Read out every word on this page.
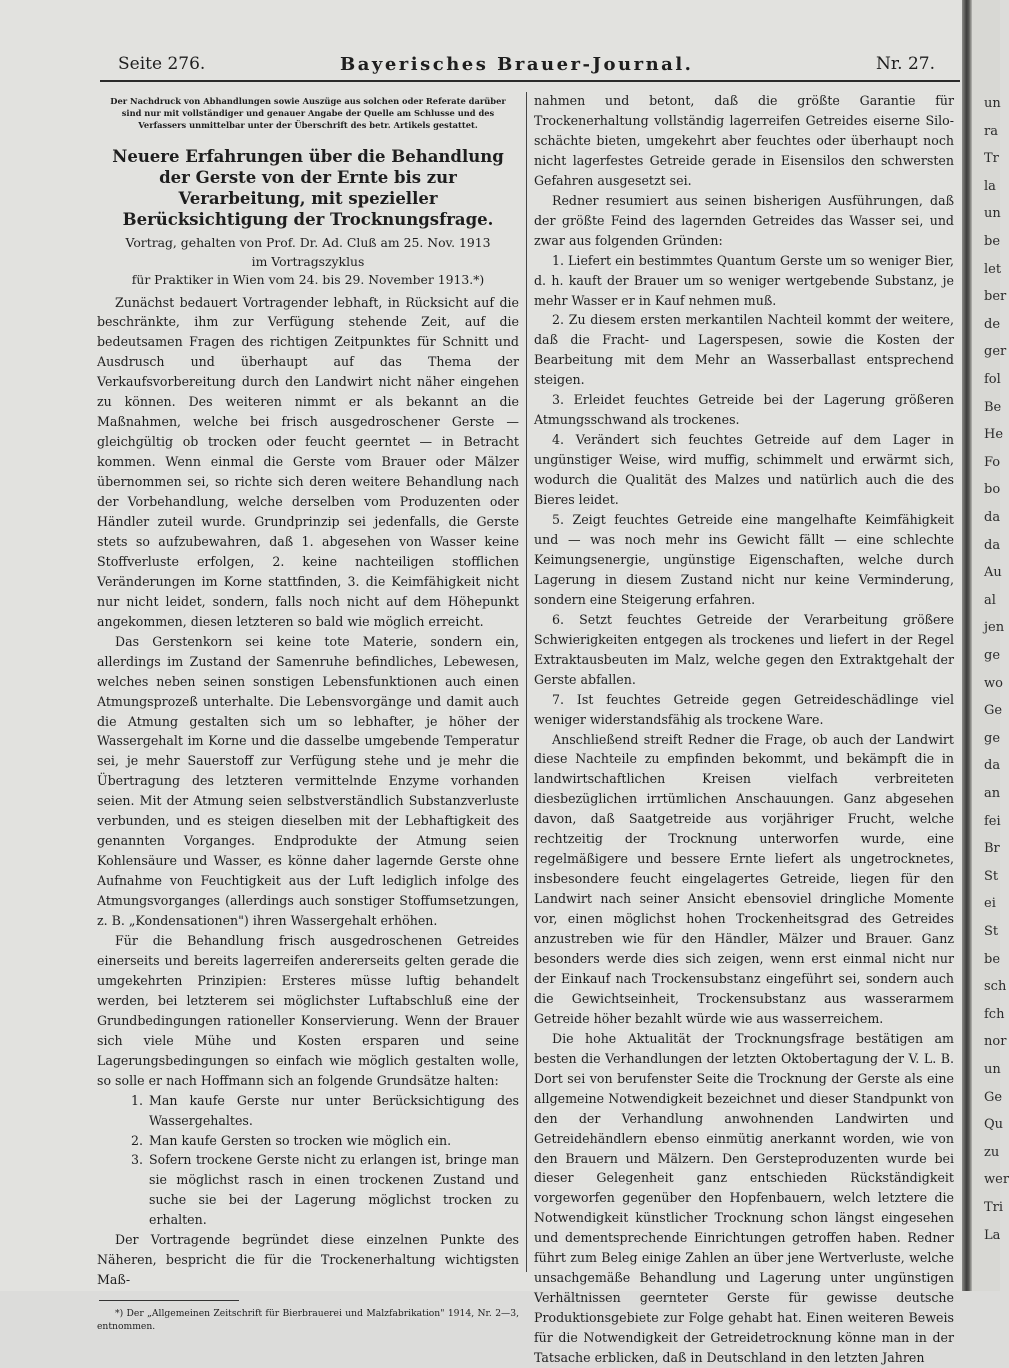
Seite 276.	Bayerisches Brauer-Journal.	Nr. 27.
Der Nachdruck von Abhandlungen sowie Auszüge aus solchen oder Referate darüber sind nur mit vollständiger und genauer Angabe der Quelle am Schlusse und des Verfassers unmittelbar unter der Überschrift des betr. Artikels gestattet.
Neuere Erfahrungen über die Behandlung der Gerste von der Ernte bis zur Verarbeitung, mit spezieller Berücksichtigung der Trocknungsfrage.
Vortrag, gehalten von Prof. Dr. Ad. Cluß am 25. Nov. 1913
im Vortragszyklus
für Praktiker in Wien vom 24. bis 29. November 1913.*)

Zunächst bedauert Vortragender lebhaft, in Rücksicht auf die beschränkte, ihm zur Verfügung stehende Zeit, auf die bedeutsamen Fragen des richtigen Zeitpunktes für Schnitt und Ausdrusch und überhaupt auf das Thema der Verkaufsvorbereitung durch den Landwirt nicht näher eingehen zu können. Des weiteren nimmt er als bekannt an die Maßnahmen, welche bei frisch ausgedroschener Gerste — gleichgültig ob trocken oder feucht geerntet — in Betracht kommen. Wenn einmal die Gerste vom Brauer oder Mälzer übernommen sei, so richte sich deren weitere Behandlung nach der Vorbehandlung, welche derselben vom Produzenten oder Händler zuteil wurde. Grundprinzip sei jedenfalls, die Gerste stets so aufzubewahren, daß 1. abgesehen von Wasser keine Stoffverluste erfolgen, 2. keine nachteiligen stofflichen Veränderungen im Korne stattfinden, 3. die Keimfähigkeit nicht nur nicht leidet, sondern, falls noch nicht auf dem Höhepunkt angekommen, diesen letzteren so bald wie möglich erreicht.

Das Gerstenkorn sei keine tote Materie, sondern ein, allerdings im Zustand der Samenruhe befindliches, Lebewesen, welches neben seinen sonstigen Lebensfunktionen auch einen Atmungsprozeß unterhalte. Die Lebensvorgänge und damit auch die Atmung gestalten sich um so lebhafter, je höher der Wassergehalt im Korne und die dasselbe umgebende Temperatur sei, je mehr Sauerstoff zur Verfügung stehe und je mehr die Übertragung des letzteren vermittelnde Enzyme vorhanden seien. Mit der Atmung seien selbstverständlich Substanzverluste verbunden, und es steigen dieselben mit der Lebhaftigkeit des genannten Vorganges. Endprodukte der Atmung seien Kohlensäure und Wasser, es könne daher lagernde Gerste ohne Aufnahme von Feuchtigkeit aus der Luft lediglich infolge des Atmungsvorganges (allerdings auch sonstiger Stoffumsetzungen, z. B. „Kondensationen") ihren Wassergehalt erhöhen.

Für die Behandlung frisch ausgedroschenen Getreides einerseits und bereits lagerreifen andererseits gelten gerade die umgekehrten Prinzipien: Ersteres müsse luftig behandelt werden, bei letzterem sei möglichster Luftabschluß eine der Grundbedingungen rationeller Konservierung. Wenn der Brauer sich viele Mühe und Kosten ersparen und seine Lagerungsbedingungen so einfach wie möglich gestalten wolle, so solle er nach Hoffmann sich an folgende Grundsätze halten:

1. Man kaufe Gerste nur unter Berücksichtigung des Wassergehaltes.

2. Man kaufe Gersten so trocken wie möglich ein.

3. Sofern trockene Gerste nicht zu erlangen ist, bringe man sie möglichst rasch in einen trockenen Zustand und suche sie bei der Lagerung möglichst trocken zu erhalten.

Der Vortragende begründet diese einzelnen Punkte des Näheren, bespricht die für die Trockenerhaltung wichtigsten Maß-

*) Der „Allgemeinen Zeitschrift für Bierbrauerei und Malzfabrikation" 1914, Nr. 2—3, entnommen.

nahmen und betont, daß die größte Garantie für Trockenerhaltung vollständig lagerreifen Getreides eiserne Siloschächte bieten, umgekehrt aber feuchtes oder überhaupt noch nicht lagerfestes Getreide gerade in Eisensilos den schwersten Gefahren ausgesetzt sei.

Redner resumiert aus seinen bisherigen Ausführungen, daß der größte Feind des lagernden Getreides das Wasser sei, und zwar aus folgenden Gründen:

1. Liefert ein bestimmtes Quantum Gerste um so weniger Bier, d. h. kauft der Brauer um so weniger wertgebende Substanz, je mehr Wasser er in Kauf nehmen muß.

2. Zu diesem ersten merkantilen Nachteil kommt der weitere, daß die Fracht- und Lagerspesen, sowie die Kosten der Bearbeitung mit dem Mehr an Wasserballast entsprechend steigen.

3. Erleidet feuchtes Getreide bei der Lagerung größeren Atmungsschwand als trockenes.

4. Verändert sich feuchtes Getreide auf dem Lager in ungünstiger Weise, wird muffig, schimmelt und erwärmt sich, wodurch die Qualität des Malzes und natürlich auch die des Bieres leidet.

5. Zeigt feuchtes Getreide eine mangelhafte Keimfähigkeit und — was noch mehr ins Gewicht fällt — eine schlechte Keimungsenergie, ungünstige Eigenschaften, welche durch Lagerung in diesem Zustand nicht nur keine Verminderung, sondern eine Steigerung erfahren.

6. Setzt feuchtes Getreide der Verarbeitung größere Schwierigkeiten entgegen als trockenes und liefert in der Regel Extraktausbeuten im Malz, welche gegen den Extraktgehalt der Gerste abfallen.

7. Ist feuchtes Getreide gegen Getreideschädlinge viel weniger widerstandsfähig als trockene Ware.

Anschließend streift Redner die Frage, ob auch der Landwirt diese Nachteile zu empfinden bekommt, und bekämpft die in landwirtschaftlichen Kreisen vielfach verbreiteten diesbezüglichen irrtümlichen Anschauungen. Ganz abgesehen davon, daß Saatgetreide aus vorjähriger Frucht, welche rechtzeitig der Trocknung unterworfen wurde, eine regelmäßigere und bessere Ernte liefert als ungetrocknetes, insbesondere feucht eingelagertes Getreide, liegen für den Landwirt nach seiner Ansicht ebensoviel dringliche Momente vor, einen möglichst hohen Trockenheitsgrad des Getreides anzustreben wie für den Händler, Mälzer und Brauer. Ganz besonders werde dies sich zeigen, wenn erst einmal nicht nur der Einkauf nach Trockensubstanz eingeführt sei, sondern auch die Gewichtseinheit, Trockensubstanz aus wasserarmem Getreide höher bezahlt würde wie aus wasserreichem.

Die hohe Aktualität der Trocknungsfrage bestätigen am besten die Verhandlungen der letzten Oktobertagung der V. L. B. Dort sei von berufenster Seite die Trocknung der Gerste als eine allgemeine Notwendigkeit bezeichnet und dieser Standpunkt von den der Verhandlung anwohnenden Landwirten und Getreidehändlern ebenso einmütig anerkannt worden, wie von den Brauern und Mälzern. Den Gersteproduzenten wurde bei dieser Gelegenheit ganz entschieden Rückständigkeit vorgeworfen gegenüber den Hopfenbauern, welch letztere die Notwendigkeit künstlicher Trocknung schon längst eingesehen und dementsprechende Einrichtungen getroffen haben. Redner führt zum Beleg einige Zahlen an über jene Wertverluste, welche unsachgemäße Behandlung und Lagerung unter ungünstigen Verhältnissen geernteter Gerste für gewisse deutsche Produktionsgebiete zur Folge gehabt hat. Einen weiteren Beweis für die Notwendigkeit der Getreidetrocknung könne man in der Tatsache erblicken, daß in Deutschland in den letzten Jahren

un
ra
Tr
la
un
be
let
ber
de
ger
fol
Be
He
Fo
bo
da
da
Au
al
jen
ge
wo
Ge
ge
da
an
fei
Br
St
ei
St
be
sch
fch
nor
un
Ge
Qu
zu
wer
Tri
La
